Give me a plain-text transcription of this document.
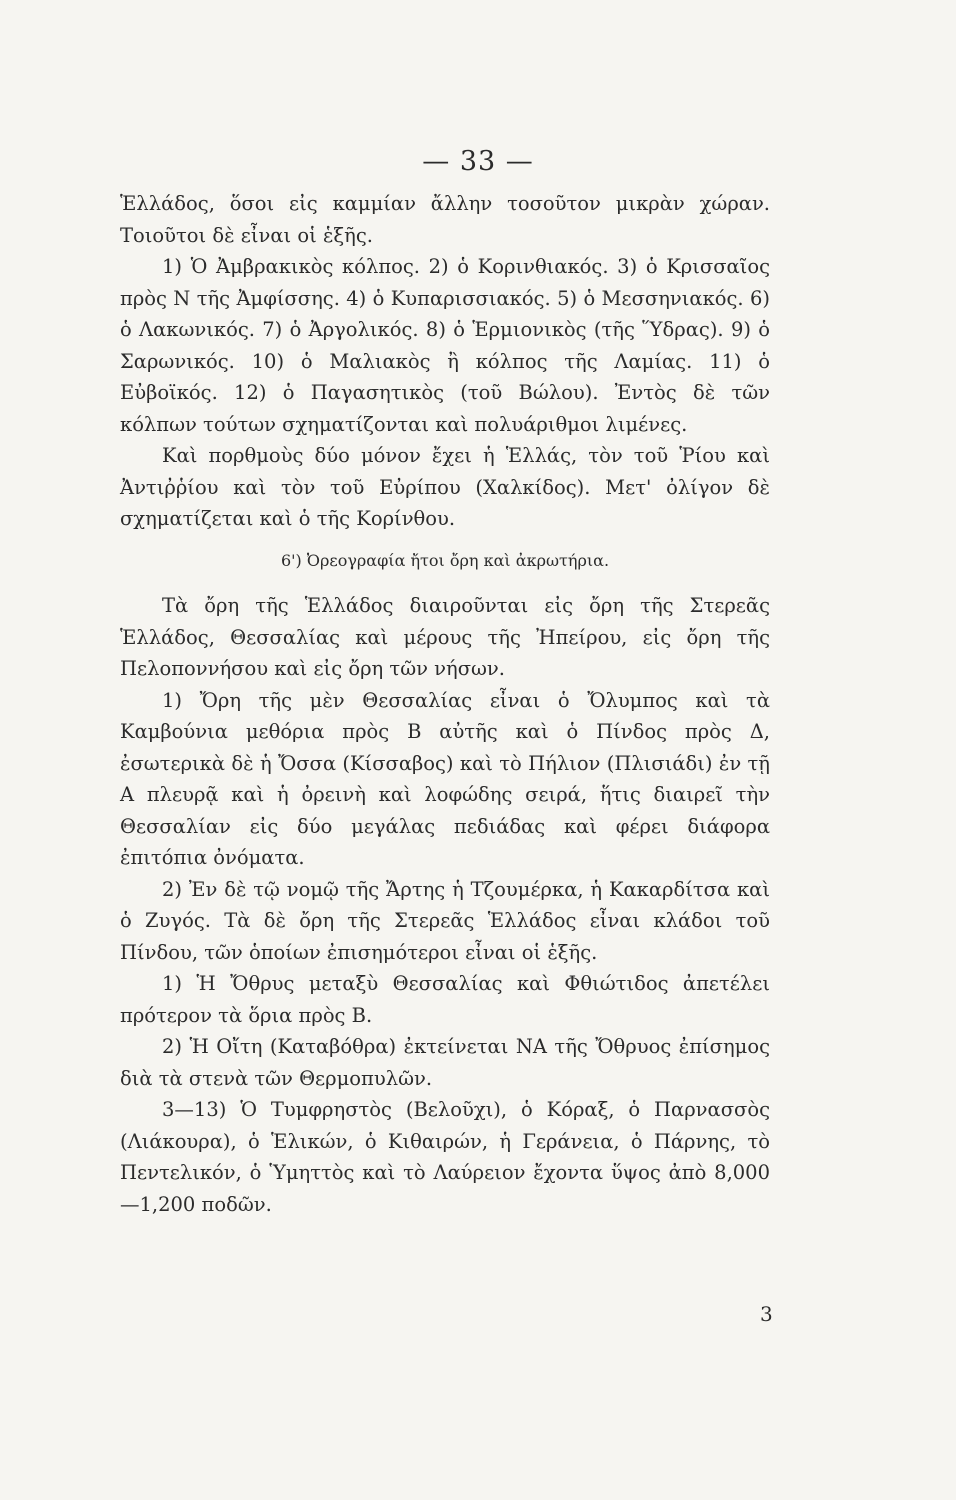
— 33 —

Ἑλλάδος, ὅσοι εἰς καμμίαν ἄλλην τοσοῦτον μικρὰν χώραν. Τοιοῦτοι δὲ εἶναι οἱ ἑξῆς.

1) Ὁ Ἀμβρακικὸς κόλπος. 2) ὁ Κορινθιακός. 3) ὁ Κρισσαῖος πρὸς Ν τῆς Ἀμφίσσης. 4) ὁ Κυπαρισσιακός. 5) ὁ Μεσσηνιακός. 6) ὁ Λακωνικός. 7) ὁ Ἀργολικός. 8) ὁ Ἑρμιονικὸς (τῆς Ὕδρας). 9) ὁ Σαρωνικός. 10) ὁ Μαλιακὸς ἢ κόλπος τῆς Λαμίας. 11) ὁ Εὐβοϊκός. 12) ὁ Παγασητικὸς (τοῦ Βώλου). Ἐντὸς δὲ τῶν κόλπων τούτων σχηματίζονται καὶ πολυάριθμοι λιμένες.

Καὶ πορθμοὺς δύο μόνον ἔχει ἡ Ἑλλάς, τὸν τοῦ Ῥίου καὶ Ἀντιῤῥίου καὶ τὸν τοῦ Εὐρίπου (Χαλκίδος). Μετ' ὀλίγον δὲ σχηματίζεται καὶ ὁ τῆς Κορίνθου.

6') Ὀρεογραφία ἤτοι ὄρη καὶ ἀκρωτήρια.

Τὰ ὄρη τῆς Ἑλλάδος διαιροῦνται εἰς ὄρη τῆς Στερεᾶς Ἑλλάδος, Θεσσαλίας καὶ μέρους τῆς Ἠπείρου, εἰς ὄρη τῆς Πελοποννήσου καὶ εἰς ὄρη τῶν νήσων.

1) Ὄρη τῆς μὲν Θεσσαλίας εἶναι ὁ Ὄλυμπος καὶ τὰ Καμβούνια μεθόρια πρὸς Β αὐτῆς καὶ ὁ Πίνδος πρὸς Δ, ἐσωτερικὰ δὲ ἡ Ὄσσα (Κίσσαβος) καὶ τὸ Πήλιον (Πλισιάδι) ἐν τῇ Α πλευρᾷ καὶ ἡ ὀρεινὴ καὶ λοφώδης σειρά, ἥτις διαιρεῖ τὴν Θεσσαλίαν εἰς δύο μεγάλας πεδιάδας καὶ φέρει διάφορα ἐπιτόπια ὀνόματα.

2) Ἐν δὲ τῷ νομῷ τῆς Ἄρτης ἡ Τζουμέρκα, ἡ Κακαρδίτσα καὶ ὁ Ζυγός. Τὰ δὲ ὄρη τῆς Στερεᾶς Ἑλλάδος εἶναι κλάδοι τοῦ Πίνδου, τῶν ὁποίων ἐπισημότεροι εἶναι οἱ ἑξῆς.

1) Ἡ Ὄθρυς μεταξὺ Θεσσαλίας καὶ Φθιώτιδος ἀπετέλει πρότερον τὰ ὅρια πρὸς Β.

2) Ἡ Οἴτη (Καταβόθρα) ἐκτείνεται ΝΑ τῆς Ὄθρυος ἐπίσημος διὰ τὰ στενὰ τῶν Θερμοπυλῶν.

3—13) Ὁ Τυμφρηστὸς (Βελοῦχι), ὁ Κόραξ, ὁ Παρνασσὸς (Λιάκουρα), ὁ Ἑλικών, ὁ Κιθαιρών, ἡ Γεράνεια, ὁ Πάρνης, τὸ Πεντελικόν, ὁ Ὑμηττὸς καὶ τὸ Λαύρειον ἔχοντα ὕψος ἀπὸ 8,000—1,200 ποδῶν.

3
